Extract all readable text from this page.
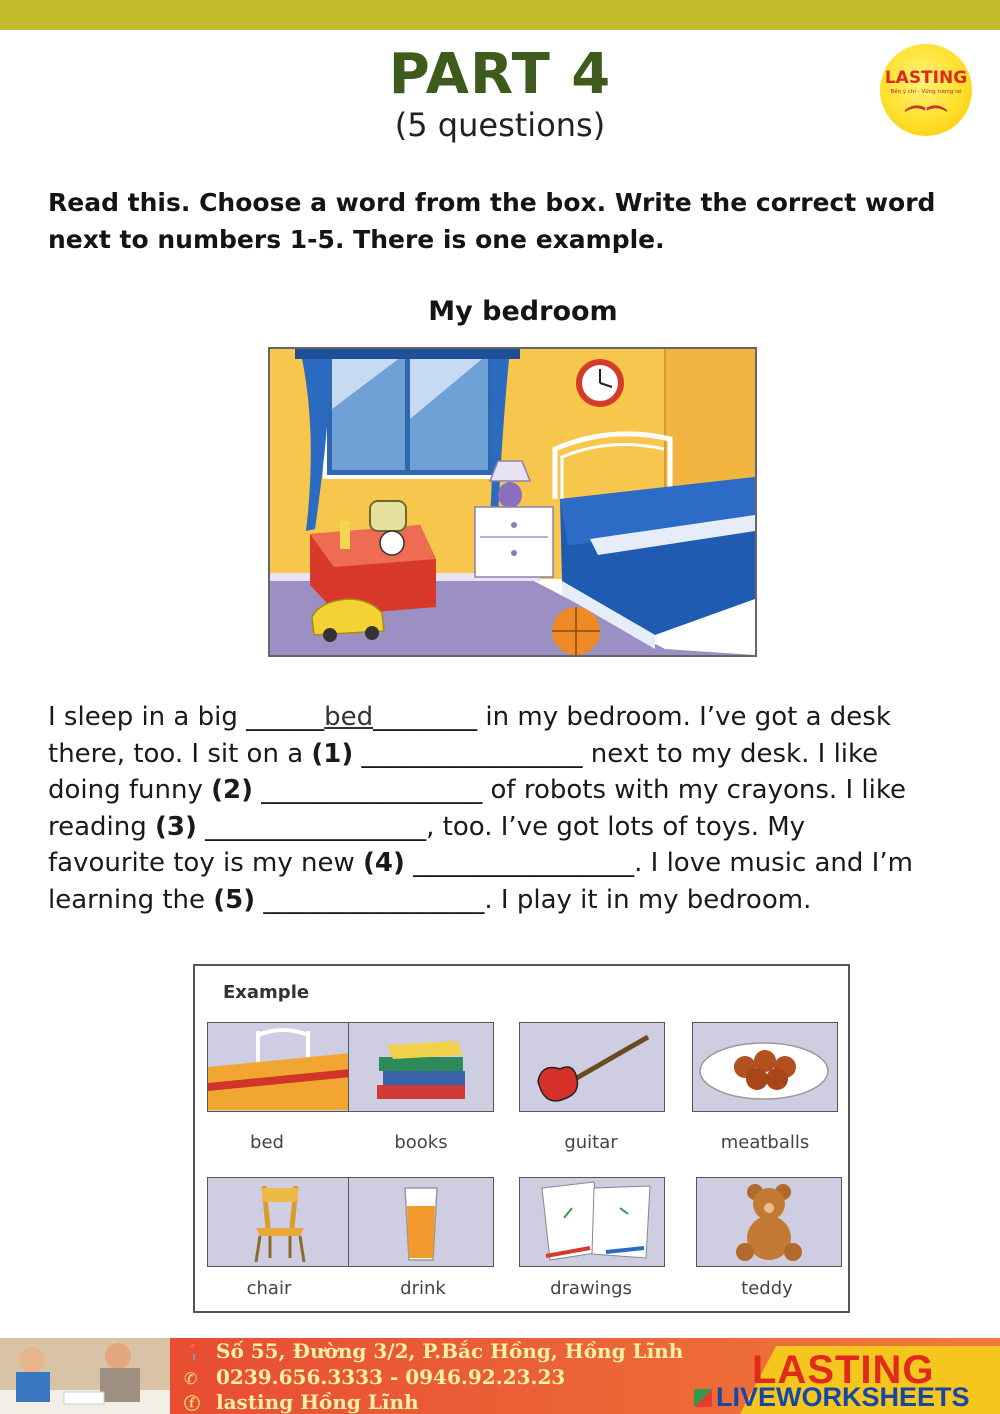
PART 4
(5 questions)
LASTING
Bền ý chí - Vững tương lai
Read this. Choose a word from the box. Write the correct word next to numbers 1-5. There is one example.
My bedroom
I sleep in a big ______bed________ in my bedroom. I’ve got a desk
there, too. I sit on a (1) _________________ next to my desk. I like
doing funny (2) _________________ of robots with my crayons. I like
reading (3) _________________, too. I’ve got lots of toys. My
favourite toy is my new (4) _________________. I love music and I’m
learning the (5) _________________. I play it in my bedroom.
Example
bed	books	guitar	meatballs
chair	drink	drawings	teddy
📍 Số 55, Đường 3/2, P.Bắc Hồng, Hồng Lĩnh
✆ 0239.656.3333 - 0946.92.23.23
ⓕ lasting Hồng Lĩnh
LASTING
LIVEWORKSHEETS
